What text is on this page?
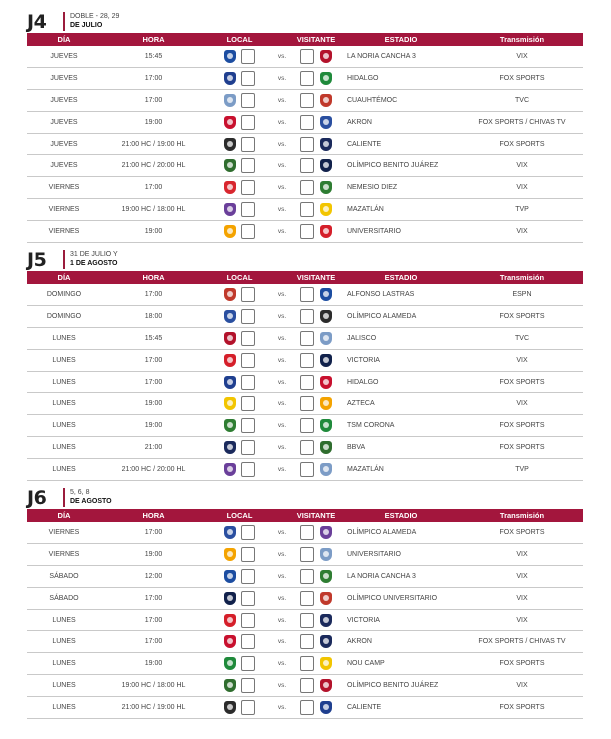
J4	DOBLE - 28, 29
DE JULIO
DÍA	HORA	LOCAL		VISITANTE	ESTADIO	Transmisión
JUEVES	15:45		vs.		LA NORIA CANCHA 3	VIX
JUEVES	17:00		vs.		HIDALGO	FOX SPORTS
JUEVES	17:00		vs.		CUAUHTÉMOC	TVC
JUEVES	19:00		vs.		AKRON	FOX SPORTS / CHIVAS TV
JUEVES	21:00 HC / 19:00 HL		vs.		CALIENTE	FOX SPORTS
JUEVES	21:00 HC / 20:00 HL		vs.		OLÍMPICO BENITO JUÁREZ	VIX
VIERNES	17:00		vs.		NEMESIO DIEZ	VIX
VIERNES	19:00 HC / 18:00 HL		vs.		MAZATLÁN	TVP
VIERNES	19:00		vs.		UNIVERSITARIO	VIX
J5	31 DE JULIO Y
1 DE AGOSTO
DÍA	HORA	LOCAL		VISITANTE	ESTADIO	Transmisión
DOMINGO	17:00		vs.		ALFONSO LASTRAS	ESPN
DOMINGO	18:00		vs.		OLÍMPICO ALAMEDA	FOX SPORTS
LUNES	15:45		vs.		JALISCO	TVC
LUNES	17:00		vs.		VICTORIA	VIX
LUNES	17:00		vs.		HIDALGO	FOX SPORTS
LUNES	19:00		vs.		AZTECA	VIX
LUNES	19:00		vs.		TSM CORONA	FOX SPORTS
LUNES	21:00		vs.		BBVA	FOX SPORTS
LUNES	21:00 HC / 20:00 HL		vs.		MAZATLÁN	TVP
J6	5, 6, 8
DE AGOSTO
DÍA	HORA	LOCAL		VISITANTE	ESTADIO	Transmisión
VIERNES	17:00		vs.		OLÍMPICO ALAMEDA	FOX SPORTS
VIERNES	19:00		vs.		UNIVERSITARIO	VIX
SÁBADO	12:00		vs.		LA NORIA CANCHA 3	VIX
SÁBADO	17:00		vs.		OLÍMPICO UNIVERSITARIO	VIX
LUNES	17:00		vs.		VICTORIA	VIX
LUNES	17:00		vs.		AKRON	FOX SPORTS / CHIVAS TV
LUNES	19:00		vs.		NOU CAMP	FOX SPORTS
LUNES	19:00 HC / 18:00 HL		vs.		OLÍMPICO BENITO JUÁREZ	VIX
LUNES	21:00 HC / 19:00 HL		vs.		CALIENTE	FOX SPORTS
